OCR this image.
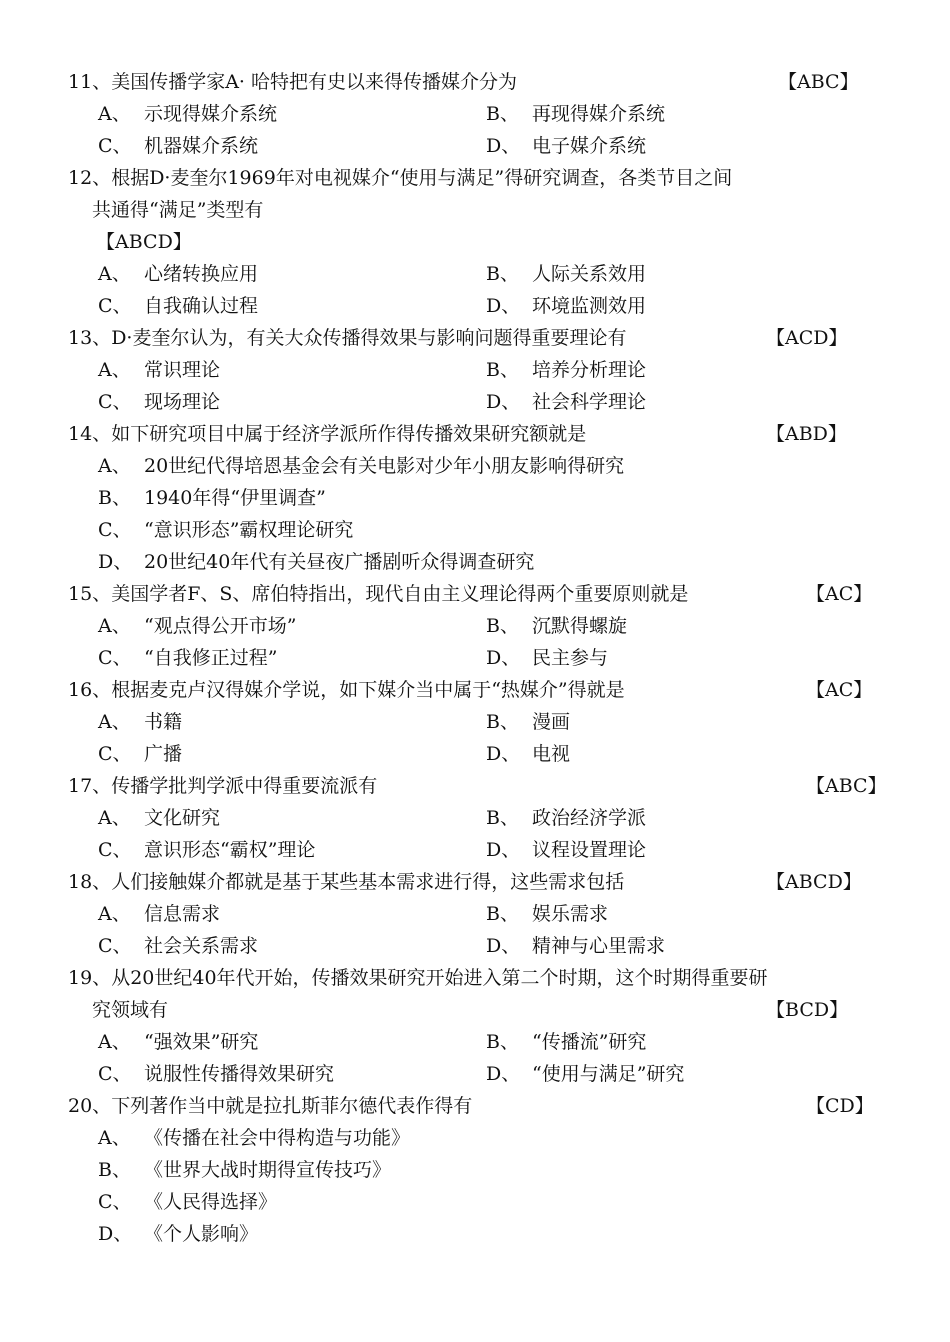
11、美国传播学家A· 哈特把有史以来得传播媒介分为	【ABC】
A、 示现得媒介系统	B、 再现得媒介系统
C、 机器媒介系统	D、 电子媒介系统
12、根据D·麦奎尔1969年对电视媒介“使用与满足”得研究调查，各类节目之间
共通得“满足”类型有
【ABCD】
A、 心绪转换应用	B、 人际关系效用
C、 自我确认过程	D、 环境监测效用
13、D·麦奎尔认为，有关大众传播得效果与影响问题得重要理论有	【ACD】
A、 常识理论	B、 培养分析理论
C、 现场理论	D、 社会科学理论
14、如下研究项目中属于经济学派所作得传播效果研究额就是	【ABD】
A、 20世纪代得培恩基金会有关电影对少年小朋友影响得研究
B、 1940年得“伊里调查”
C、 “意识形态”霸权理论研究
D、 20世纪40年代有关昼夜广播剧听众得调查研究
15、美国学者F、S、席伯特指出，现代自由主义理论得两个重要原则就是	【AC】
A、 “观点得公开市场”	B、 沉默得螺旋
C、 “自我修正过程”	D、 民主参与
16、根据麦克卢汉得媒介学说，如下媒介当中属于“热媒介”得就是	【AC】
A、 书籍	B、 漫画
C、 广播	D、 电视
17、传播学批判学派中得重要流派有	【ABC】
A、 文化研究	B、 政治经济学派
C、 意识形态“霸权”理论	D、 议程设置理论
18、人们接触媒介都就是基于某些基本需求进行得，这些需求包括	【ABCD】
A、 信息需求	B、 娱乐需求
C、 社会关系需求	D、 精神与心里需求
19、从20世纪40年代开始，传播效果研究开始进入第二个时期，这个时期得重要研
究领域有	【BCD】
A、 “强效果”研究	B、 “传播流”研究
C、 说服性传播得效果研究	D、 “使用与满足”研究
20、下列著作当中就是拉扎斯菲尔德代表作得有	【CD】
A、 《传播在社会中得构造与功能》
B、 《世界大战时期得宣传技巧》
C、 《人民得选择》
D、 《个人影响》
